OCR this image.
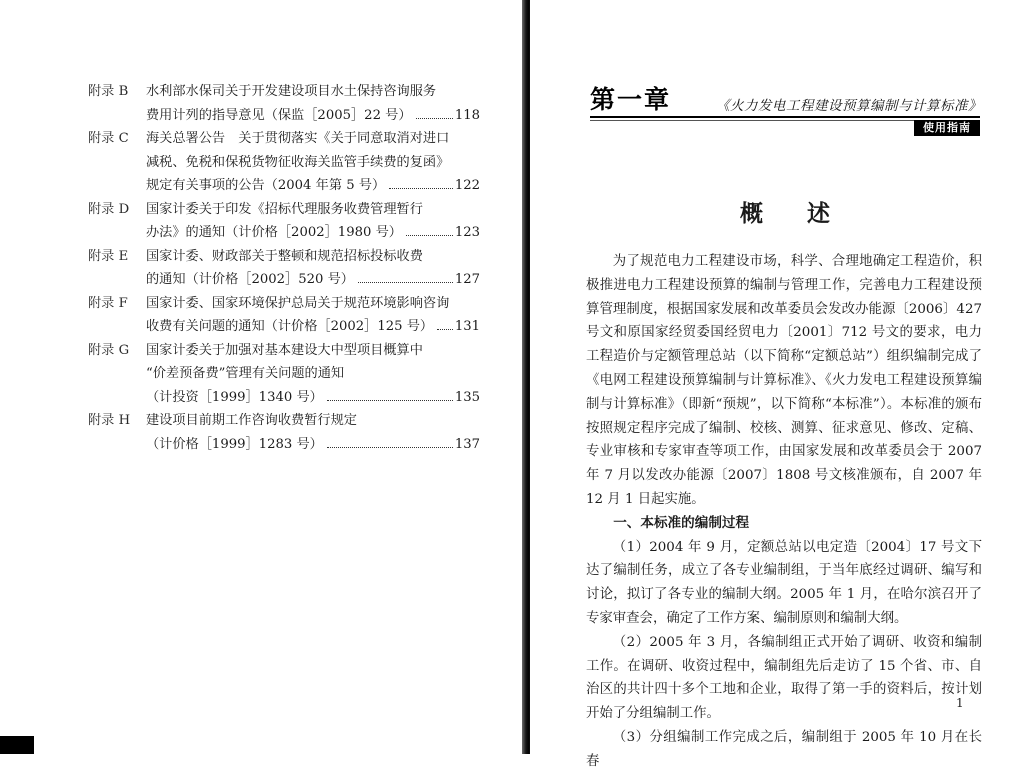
附录 B	水利部水保司关于开发建设项目水土保持咨询服务
费用计列的指导意见（保监［2005］22 号）	118
附录 C	海关总署公告　关于贯彻落实《关于同意取消对进口
减税、免税和保税货物征收海关监管手续费的复函》
规定有关事项的公告（2004 年第 5 号）	122
附录 D	国家计委关于印发《招标代理服务收费管理暂行
办法》的通知（计价格［2002］1980 号）	123
附录 E	国家计委、财政部关于整顿和规范招标投标收费
的通知（计价格［2002］520 号）	127
附录 F	国家计委、国家环境保护总局关于规范环境影响咨询
收费有关问题的通知（计价格［2002］125 号） 131
附录 G	国家计委关于加强对基本建设大中型项目概算中
“价差预备费”管理有关问题的通知
（计投资［1999］1340 号）	135
附录 H	建设项目前期工作咨询收费暂行规定
（计价格［1999］1283 号）	137
第一章	《火力发电工程建设预算编制与计算标准》
使用指南
概 述

为了规范电力工程建设市场，科学、合理地确定工程造价，积极推进电力工程建设预算的编制与管理工作，完善电力工程建设预算管理制度，根据国家发展和改革委员会发改办能源〔2006〕427 号文和原国家经贸委国经贸电力〔2001〕712 号文的要求，电力工程造价与定额管理总站（以下简称“定额总站”）组织编制完成了《电网工程建设预算编制与计算标准》、《火力发电工程建设预算编制与计算标准》（即新“预规”，以下简称“本标准”）。本标准的颁布按照规定程序完成了编制、校核、测算、征求意见、修改、定稿、专业审核和专家审查等项工作，由国家发展和改革委员会于 2007 年 7 月以发改办能源〔2007〕1808 号文核准颁布，自 2007 年 12 月 1 日起实施。

一、本标准的编制过程

（1）2004 年 9 月，定额总站以电定造〔2004〕17 号文下达了编制任务，成立了各专业编制组，于当年底经过调研、编写和讨论，拟订了各专业的编制大纲。2005 年 1 月，在哈尔滨召开了专家审查会，确定了工作方案、编制原则和编制大纲。

（2）2005 年 3 月，各编制组正式开始了调研、收资和编制工作。在调研、收资过程中，编制组先后走访了 15 个省、市、自治区的共计四十多个工地和企业，取得了第一手的资料后，按计划开始了分组编制工作。

（3）分组编制工作完成之后，编制组于 2005 年 10 月在长春

1
